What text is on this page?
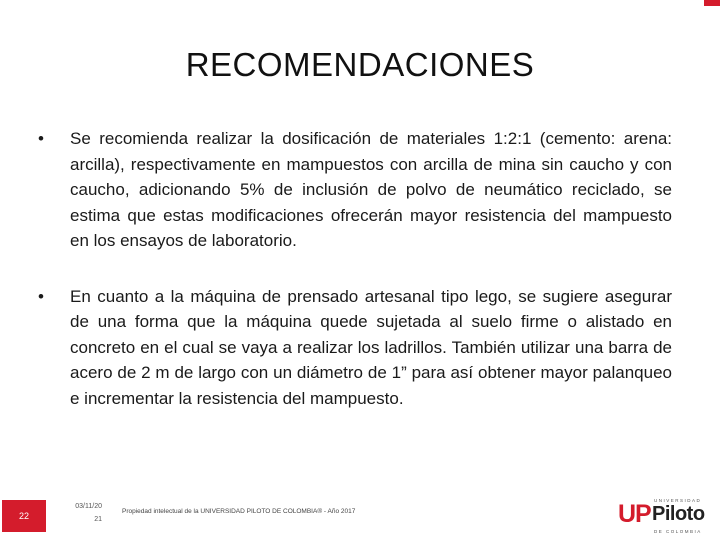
RECOMENDACIONES
•	Se recomienda realizar la dosificación de materiales 1:2:1 (cemento: arena: arcilla), respectivamente en mampuestos con arcilla de mina sin caucho y con caucho, adicionando 5% de inclusión de polvo de neumático reciclado, se estima que estas modificaciones ofrecerán mayor resistencia del mampuesto en los ensayos de laboratorio.
•	En cuanto a la máquina de prensado artesanal tipo lego, se sugiere asegurar de una forma que la máquina quede sujetada al suelo firme o alistado en concreto en el cual se vaya a realizar los ladrillos. También utilizar una barra de acero de 2 m de largo con un diámetro de 1” para así obtener mayor palanqueo e incrementar la resistencia del mampuesto.
22
03/11/20
21
Propiedad intelectual de la UNIVERSIDAD PILOTO DE COLOMBIA® - Año 2017	UP UNIVERSIDAD
Piloto
DE COLOMBIA
